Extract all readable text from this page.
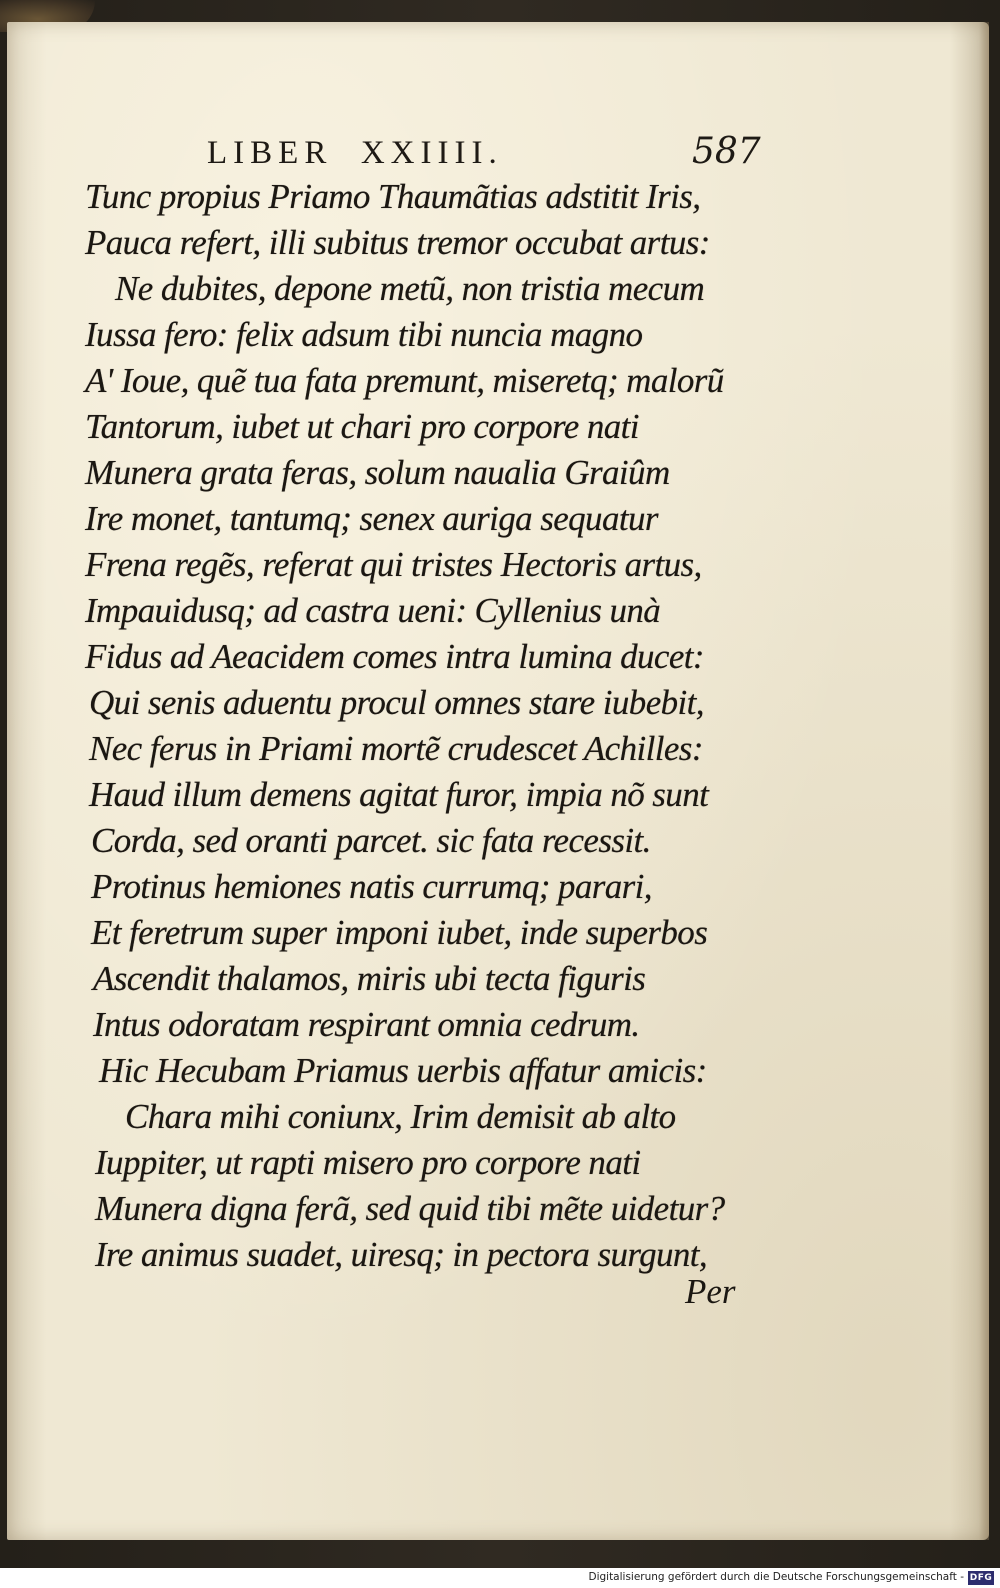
LIBER  XXIIII.	587
Tunc propius Priamo Thaumãtias adstitit Iris,
Pauca refert, illi subitus tremor occubat artus:
Ne dubites, depone metũ, non tristia mecum
Iussa fero: felix adsum tibi nuncia magno
A' Ioue, quẽ tua fata premunt, miseretq; malorũ
Tantorum, iubet ut chari pro corpore nati
Munera grata feras, solum naualia Graiûm
Ire monet, tantumq; senex auriga sequatur
Frena regẽs, referat qui tristes Hectoris artus,
Impauidusq; ad castra ueni: Cyllenius unà
Fidus ad Aeacidem comes intra lumina ducet:
Qui senis aduentu procul omnes stare iubebit,
Nec ferus in Priami mortẽ crudescet Achilles:
Haud illum demens agitat furor, impia nõ sunt
Corda, sed oranti parcet. sic fata recessit.
Protinus hemiones natis currumq; parari,
Et feretrum super imponi iubet, inde superbos
Ascendit thalamos, miris ubi tecta figuris
Intus odoratam respirant omnia cedrum.
Hic Hecubam Priamus uerbis affatur amicis:
Chara mihi coniunx, Irim demisit ab alto
Iuppiter, ut rapti misero pro corpore nati
Munera digna ferã, sed quid tibi mẽte uidetur?
Ire animus suadet, uiresq; in pectora surgunt,
Per
Digitalisierung gefördert durch die Deutsche Forschungsgemeinschaft - DFG
